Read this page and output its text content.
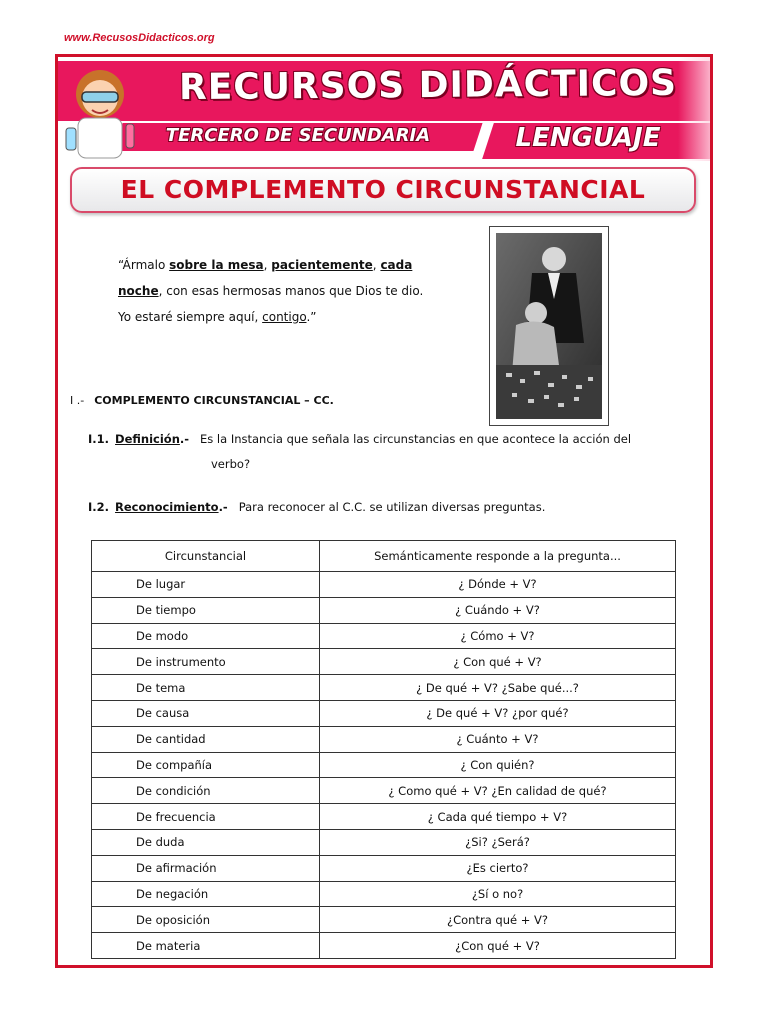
www.RecusosDidacticos.org
RECURSOS DIDÁCTICOS
TERCERO DE SECUNDARIA	LENGUAJE
EL COMPLEMENTO CIRCUNSTANCIAL
“Ármalo sobre la mesa, pacientemente, cada
noche, con esas hermosas manos que Dios te dio.
Yo estaré siempre aquí, contigo.”
I .- COMPLEMENTO CIRCUNSTANCIAL – CC.
I.1. Definición.- Es la Instancia que señala las circunstancias en que acontece la acción del
verbo?
I.2. Reconocimiento.- Para reconocer al C.C. se utilizan diversas preguntas.
Circunstancial	Semánticamente responde a la pregunta...
De lugar	¿ Dónde + V?
De tiempo	¿ Cuándo + V?
De modo	¿ Cómo + V?
De instrumento	¿ Con qué + V?
De tema	¿ De qué + V? ¿Sabe qué...?
De causa	¿ De qué + V? ¿por qué?
De cantidad	¿ Cuánto + V?
De compañía	¿ Con quién?
De condición	¿ Como qué + V? ¿En calidad de qué?
De frecuencia	¿ Cada qué tiempo + V?
De duda	¿Si? ¿Será?
De afirmación	¿Es cierto?
De negación	¿Sí o no?
De oposición	¿Contra qué + V?
De materia	¿Con qué + V?
